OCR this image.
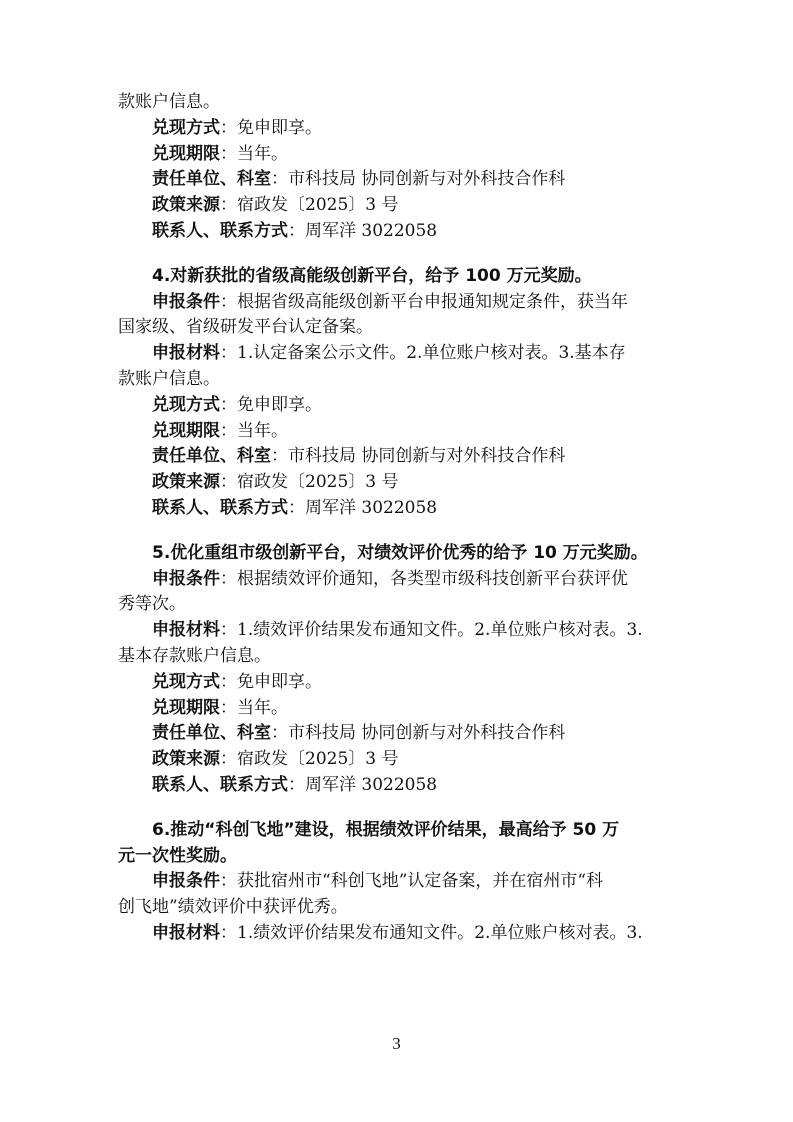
款账户信息。
兑现方式：免申即享。
兑现期限：当年。
责任单位、科室：市科技局 协同创新与对外科技合作科
政策来源：宿政发〔2025〕3 号
联系人、联系方式：周军洋 3022058
4.对新获批的省级高能级创新平台，给予 100 万元奖励。
申报条件：根据省级高能级创新平台申报通知规定条件，获当年
国家级、省级研发平台认定备案。
申报材料：1.认定备案公示文件。2.单位账户核对表。3.基本存
款账户信息。
兑现方式：免申即享。
兑现期限：当年。
责任单位、科室：市科技局 协同创新与对外科技合作科
政策来源：宿政发〔2025〕3 号
联系人、联系方式：周军洋 3022058
5.优化重组市级创新平台，对绩效评价优秀的给予 10 万元奖励。
申报条件：根据绩效评价通知，各类型市级科技创新平台获评优
秀等次。
申报材料：1.绩效评价结果发布通知文件。2.单位账户核对表。3.
基本存款账户信息。
兑现方式：免申即享。
兑现期限：当年。
责任单位、科室：市科技局 协同创新与对外科技合作科
政策来源：宿政发〔2025〕3 号
联系人、联系方式：周军洋 3022058
6.推动“科创飞地”建设，根据绩效评价结果，最高给予 50 万
元一次性奖励。
申报条件：获批宿州市“科创飞地”认定备案，并在宿州市“科
创飞地”绩效评价中获评优秀。
申报材料：1.绩效评价结果发布通知文件。2.单位账户核对表。3.
3
